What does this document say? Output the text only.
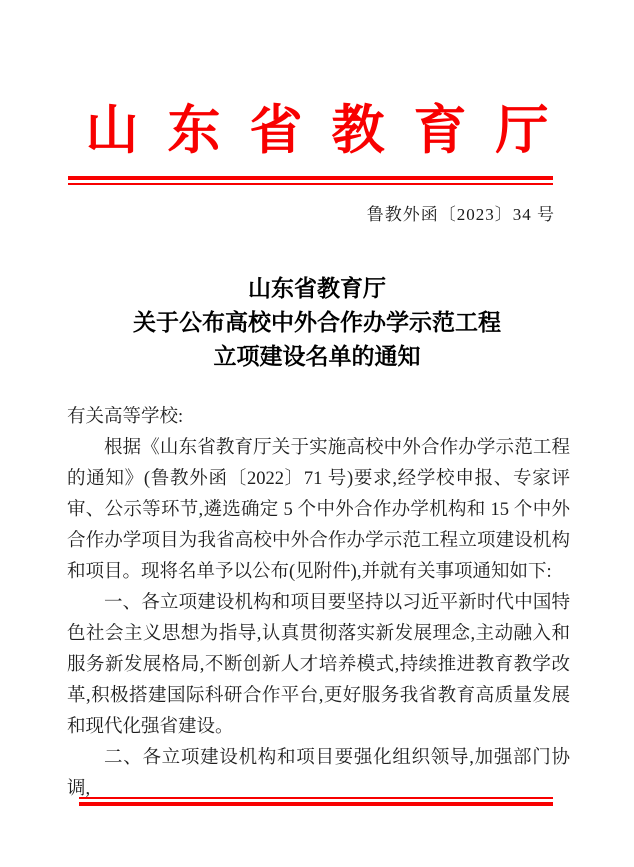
山东省教育厅
鲁教外函〔2023〕34 号
山东省教育厅
关于公布高校中外合作办学示范工程
立项建设名单的通知

有关高等学校:

根据《山东省教育厅关于实施高校中外合作办学示范工程的通知》(鲁教外函〔2022〕71 号)要求,经学校申报、专家评审、公示等环节,遴选确定 5 个中外合作办学机构和 15 个中外合作办学项目为我省高校中外合作办学示范工程立项建设机构和项目。现将名单予以公布(见附件),并就有关事项通知如下:

一、各立项建设机构和项目要坚持以习近平新时代中国特色社会主义思想为指导,认真贯彻落实新发展理念,主动融入和服务新发展格局,不断创新人才培养模式,持续推进教育教学改革,积极搭建国际科研合作平台,更好服务我省教育高质量发展和现代化强省建设。

二、各立项建设机构和项目要强化组织领导,加强部门协调,
